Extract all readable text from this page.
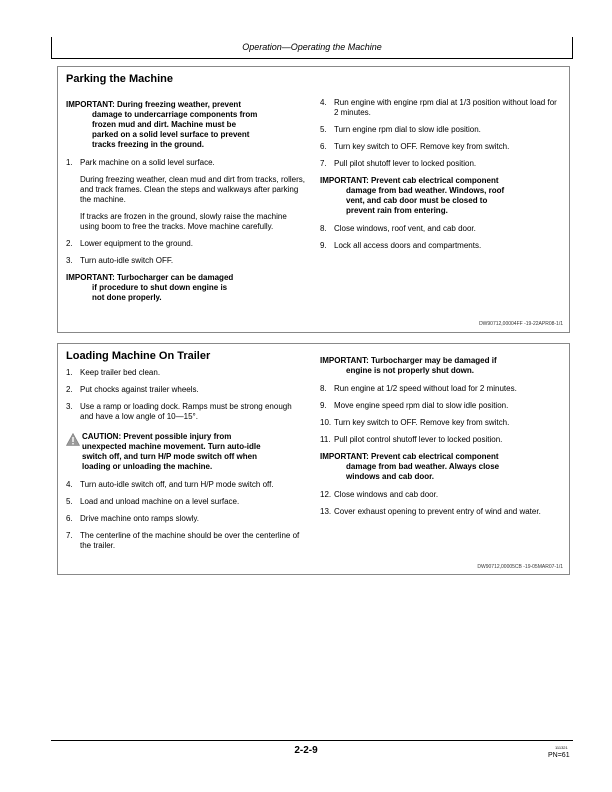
Operation—Operating the Machine
Parking the Machine
IMPORTANT: During freezing weather, prevent
damage to undercarriage components from
frozen mud and dirt. Machine must be
parked on a solid level surface to prevent
tracks freezing in the ground.
1. Park machine on a solid level surface.
During freezing weather, clean mud and dirt from tracks, rollers, and track frames. Clean the steps and walkways after parking the machine.
If tracks are frozen in the ground, slowly raise the machine using boom to free the tracks. Move machine carefully.
2. Lower equipment to the ground.
3. Turn auto-idle switch OFF.
IMPORTANT: Turbocharger can be damaged
if procedure to shut down engine is
not done properly.
4. Run engine with engine rpm dial at 1/3 position without load for 2 minutes.
5. Turn engine rpm dial to slow idle position.
6. Turn key switch to OFF. Remove key from switch.
7. Pull pilot shutoff lever to locked position.
IMPORTANT: Prevent cab electrical component
damage from bad weather. Windows, roof
vent, and cab door must be closed to
prevent rain from entering.
8. Close windows, roof vent, and cab door.
9. Lock all access doors and compartments.
DW90712,00004FF -19-22APR08-1/1
Loading Machine On Trailer
1. Keep trailer bed clean.
2. Put chocks against trailer wheels.
3. Use a ramp or loading dock. Ramps must be strong enough and have a low angle of 10—15°.
CAUTION: Prevent possible injury from
unexpected machine movement. Turn auto-idle
switch off, and turn H/P mode switch off when
loading or unloading the machine.
4. Turn auto-idle switch off, and turn H/P mode switch off.
5. Load and unload machine on a level surface.
6. Drive machine onto ramps slowly.
7. The centerline of the machine should be over the centerline of the trailer.
IMPORTANT: Turbocharger may be damaged if
engine is not properly shut down.
8. Run engine at 1/2 speed without load for 2 minutes.
9. Move engine speed rpm dial to slow idle position.
10. Turn key switch to OFF. Remove key from switch.
11. Pull pilot control shutoff lever to locked position.
IMPORTANT: Prevent cab electrical component
damage from bad weather. Always close
windows and cab door.
12. Close windows and cab door.
13. Cover exhaust opening to prevent entry of wind and water.
DW90712,00005CB -19-05MAR07-1/1
2-2-9	111321
PN=61
